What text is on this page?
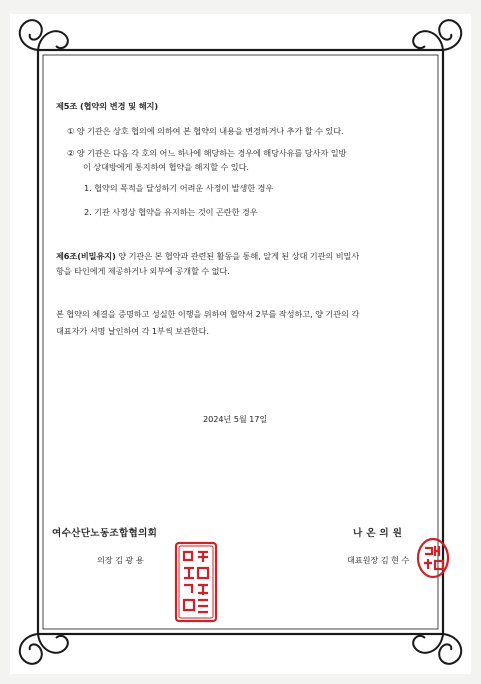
제5조 (협약의 변경 및 해지)
① 양 기관은 상호 협의에 의하여 본 협약의 내용을 변경하거나 추가 할 수 있다.
② 양 기관은 다음 각 호의 어느 하나에 해당하는 경우에 해당사유를 당사자 일방
이 상대방에게 통지하여 협약을 해지할 수 있다.
1. 협약의 목적을 달성하기 어려운 사정이 발생한 경우
2. 기관 사정상 협약을 유지하는 것이 곤란한 경우
제6조(비밀유지) 양 기관은 본 협약과 관련된 활동을 통해, 알게 된 상대 기관의 비밀사
항을 타인에게 제공하거나 외부에 공개할 수 없다.
본 협약의 체결을 증명하고 성실한 이행을 위하여 협약서 2부를 작성하고, 양 기관의 각
대표자가 서명 날인하여 각 1부씩 보관한다.
2024년 5월 17일
여수산단노동조합협의회
의장 김 광 용
나 온 의 원
대표원장 김 현 수
